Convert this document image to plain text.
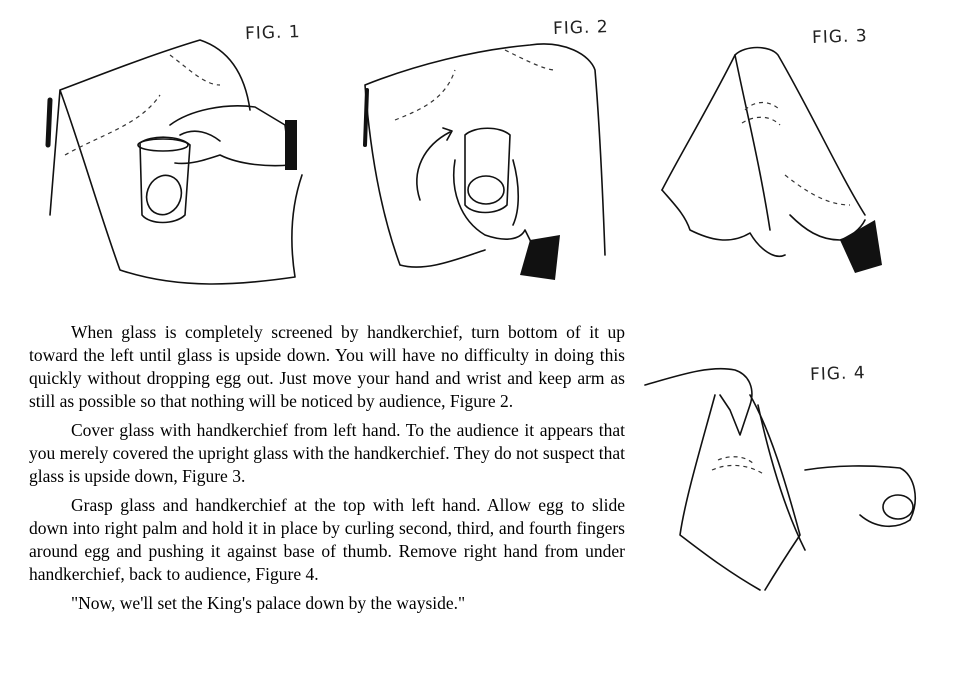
FIG. 1	FIG. 2	FIG. 3
FIG. 4

When glass is completely screened by handkerchief, turn bottom of it up toward the left until glass is upside down. You will have no difficulty in doing this quickly without dropping egg out. Just move your hand and wrist and keep arm as still as possible so that nothing will be noticed by audience, Figure 2.

Cover glass with handkerchief from left hand. To the audience it appears that you merely covered the upright glass with the handkerchief. They do not suspect that glass is upside down, Figure 3.

Grasp glass and handkerchief at the top with left hand. Allow egg to slide down into right palm and hold it in place by curling second, third, and fourth fingers around egg and pushing it against base of thumb. Remove right hand from under handkerchief, back to audience, Figure 4.

"Now, we'll set the King's palace down by the wayside."
